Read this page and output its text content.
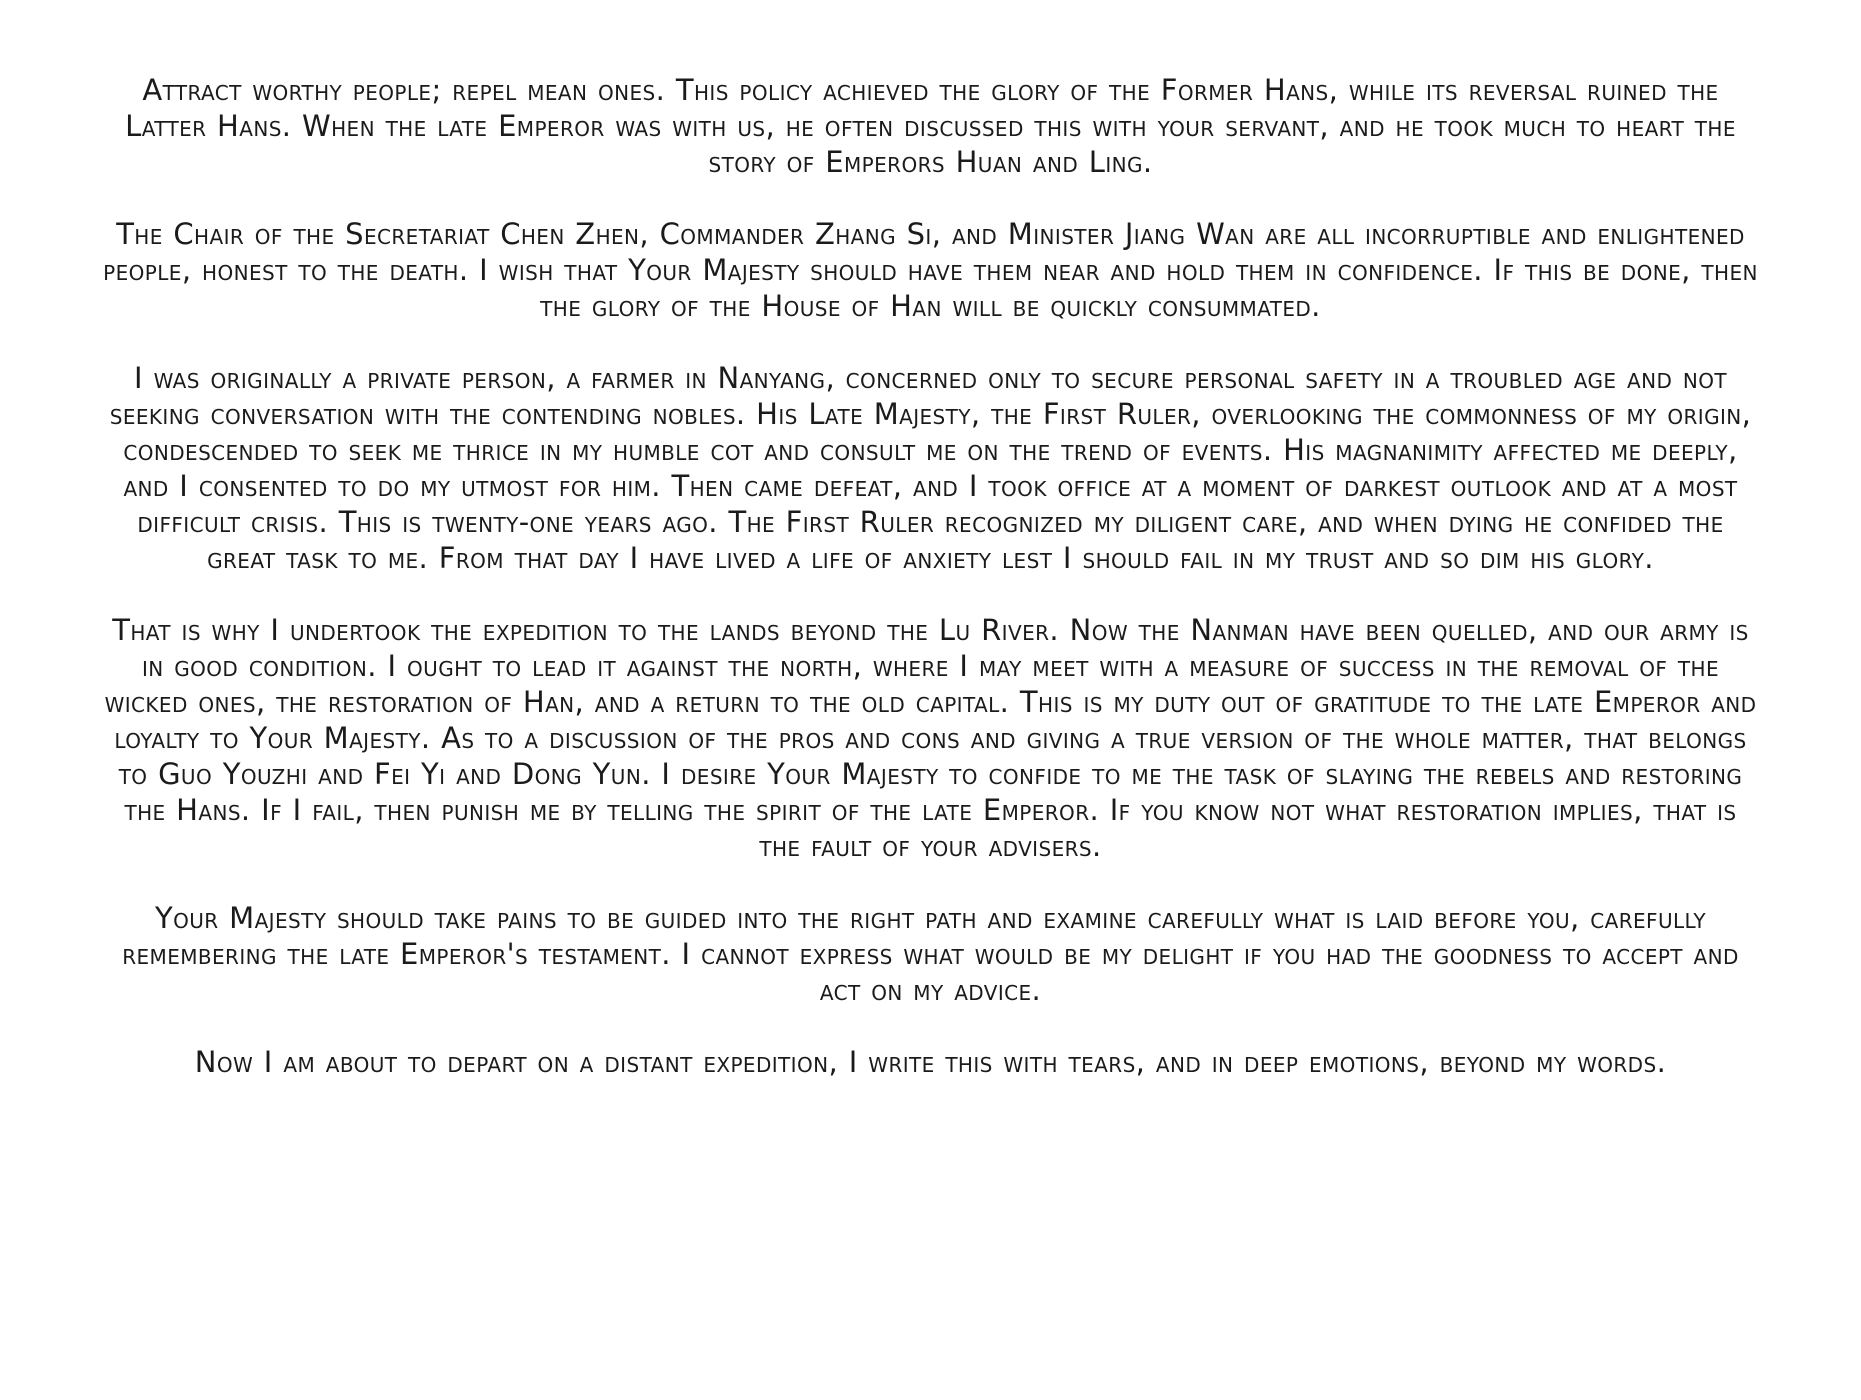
Attract worthy people; repel mean ones. This policy achieved the glory of the Former Hans, while its reversal ruined the Latter Hans. When the late Emperor was with us, he often discussed this with your servant, and he took much to heart the story of Emperors Huan and Ling.

The Chair of the Secretariat Chen Zhen, Commander Zhang Si, and Minister Jiang Wan are all incorruptible and enlightened people, honest to the death. I wish that Your Majesty should have them near and hold them in confidence. If this be done, then the glory of the House of Han will be quickly consummated.

I was originally a private person, a farmer in Nanyang, concerned only to secure personal safety in a troubled age and not seeking conversation with the contending nobles. His Late Majesty, the First Ruler, overlooking the commonness of my origin, condescended to seek me thrice in my humble cot and consult me on the trend of events. His magnanimity affected me deeply, and I consented to do my utmost for him. Then came defeat, and I took office at a moment of darkest outlook and at a most difficult crisis. This is twenty-one years ago. The First Ruler recognized my diligent care, and when dying he confided the great task to me. From that day I have lived a life of anxiety lest I should fail in my trust and so dim his glory.

That is why I undertook the expedition to the lands beyond the Lu River. Now the Nanman have been quelled, and our army is in good condition. I ought to lead it against the north, where I may meet with a measure of success in the removal of the wicked ones, the restoration of Han, and a return to the old capital. This is my duty out of gratitude to the late Emperor and loyalty to Your Majesty. As to a discussion of the pros and cons and giving a true version of the whole matter, that belongs to Guo Youzhi and Fei Yi and Dong Yun. I desire Your Majesty to confide to me the task of slaying the rebels and restoring the Hans. If I fail, then punish me by telling the spirit of the late Emperor. If you know not what restoration implies, that is the fault of your advisers.

Your Majesty should take pains to be guided into the right path and examine carefully what is laid before you, carefully remembering the late Emperor's testament. I cannot express what would be my delight if you had the goodness to accept and act on my advice.

Now I am about to depart on a distant expedition, I write this with tears, and in deep emotions, beyond my words.
